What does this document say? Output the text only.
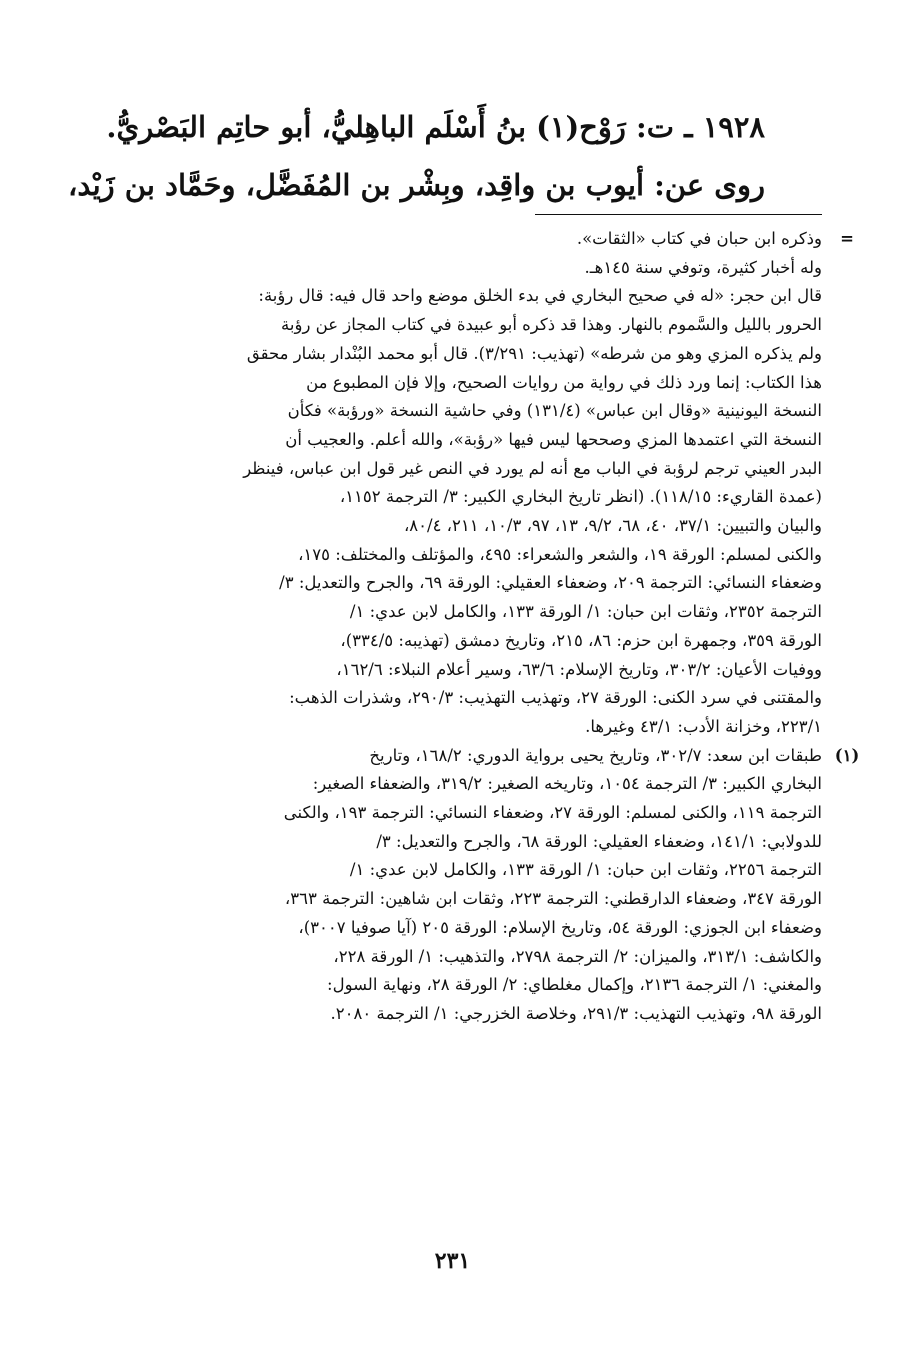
١٩٢٨ ـ ت: رَوْح(١) بنُ أَسْلَم الباهِليُّ، أبو حاتِم البَصْريُّ.
روى عن: أيوب بن واقِد، وبِشْر بن المُفَضَّل، وحَمَّاد بن زَيْد،
=
وذكره ابن حبان في كتاب «الثقات».
وله أخبار كثيرة، وتوفي سنة ١٤٥هـ.
قال ابن حجر: «له في صحيح البخاري في بدء الخلق موضع واحد قال فيه: قال رؤبة:
الحرور بالليل والسَّموم بالنهار. وهذا قد ذكره أبو عبيدة في كتاب المجاز عن رؤبة
ولم يذكره المزي وهو من شرطه» (تهذيب: ٣/٢٩١). قال أبو محمد البُنْدار بشار محقق
هذا الكتاب: إنما ورد ذلك في رواية من روايات الصحيح، وإلا فإن المطبوع من
النسخة اليونينية «وقال ابن عباس» (١٣١/٤) وفي حاشية النسخة «ورؤبة» فكأن
النسخة التي اعتمدها المزي وصححها ليس فيها «رؤبة»، والله أعلم. والعجيب أن
البدر العيني ترجم لرؤبة في الباب مع أنه لم يورد في النص غير قول ابن عباس، فينظر
(عمدة القاريء: ١١٨/١٥). (انظر تاريخ البخاري الكبير: ٣/ الترجمة ١١٥٢،
والبيان والتبيين: ٣٧/١، ٤٠، ٦٨، ٩/٢، ١٣، ٩٧، ١٠/٣، ٢١١، ٨٠/٤،
والكنى لمسلم: الورقة ١٩، والشعر والشعراء: ٤٩٥، والمؤتلف والمختلف: ١٧٥،
وضعفاء النسائي: الترجمة ٢٠٩، وضعفاء العقيلي: الورقة ٦٩، والجرح والتعديل: ٣/
الترجمة ٢٣٥٢، وثقات ابن حبان: ١/ الورقة ١٣٣، والكامل لابن عدي: ١/
الورقة ٣٥٩، وجمهرة ابن حزم: ٨٦، ٢١٥، وتاريخ دمشق (تهذيبه: ٣٣٤/٥)،
ووفيات الأعيان: ٣٠٣/٢، وتاريخ الإسلام: ٦٣/٦، وسير أعلام النبلاء: ١٦٢/٦،
والمقتنى في سرد الكنى: الورقة ٢٧، وتهذيب التهذيب: ٢٩٠/٣، وشذرات الذهب:
٢٢٣/١، وخزانة الأدب: ٤٣/١ وغيرها.
(١)
طبقات ابن سعد: ٣٠٢/٧، وتاريخ يحيى برواية الدوري: ١٦٨/٢، وتاريخ
البخاري الكبير: ٣/ الترجمة ١٠٥٤، وتاريخه الصغير: ٣١٩/٢، والضعفاء الصغير:
الترجمة ١١٩، والكنى لمسلم: الورقة ٢٧، وضعفاء النسائي: الترجمة ١٩٣، والكنى
للدولابي: ١٤١/١، وضعفاء العقيلي: الورقة ٦٨، والجرح والتعديل: ٣/
الترجمة ٢٢٥٦، وثقات ابن حبان: ١/ الورقة ١٣٣، والكامل لابن عدي: ١/
الورقة ٣٤٧، وضعفاء الدارقطني: الترجمة ٢٢٣، وثقات ابن شاهين: الترجمة ٣٦٣،
وضعفاء ابن الجوزي: الورقة ٥٤، وتاريخ الإسلام: الورقة ٢٠٥ (آيا صوفيا ٣٠٠٧)،
والكاشف: ٣١٣/١، والميزان: ٢/ الترجمة ٢٧٩٨، والتذهيب: ١/ الورقة ٢٢٨،
والمغني: ١/ الترجمة ٢١٣٦، وإكمال مغلطاي: ٢/ الورقة ٢٨، ونهاية السول:
الورقة ٩٨، وتهذيب التهذيب: ٢٩١/٣، وخلاصة الخزرجي: ١/ الترجمة ٢٠٨٠.
٢٣١
